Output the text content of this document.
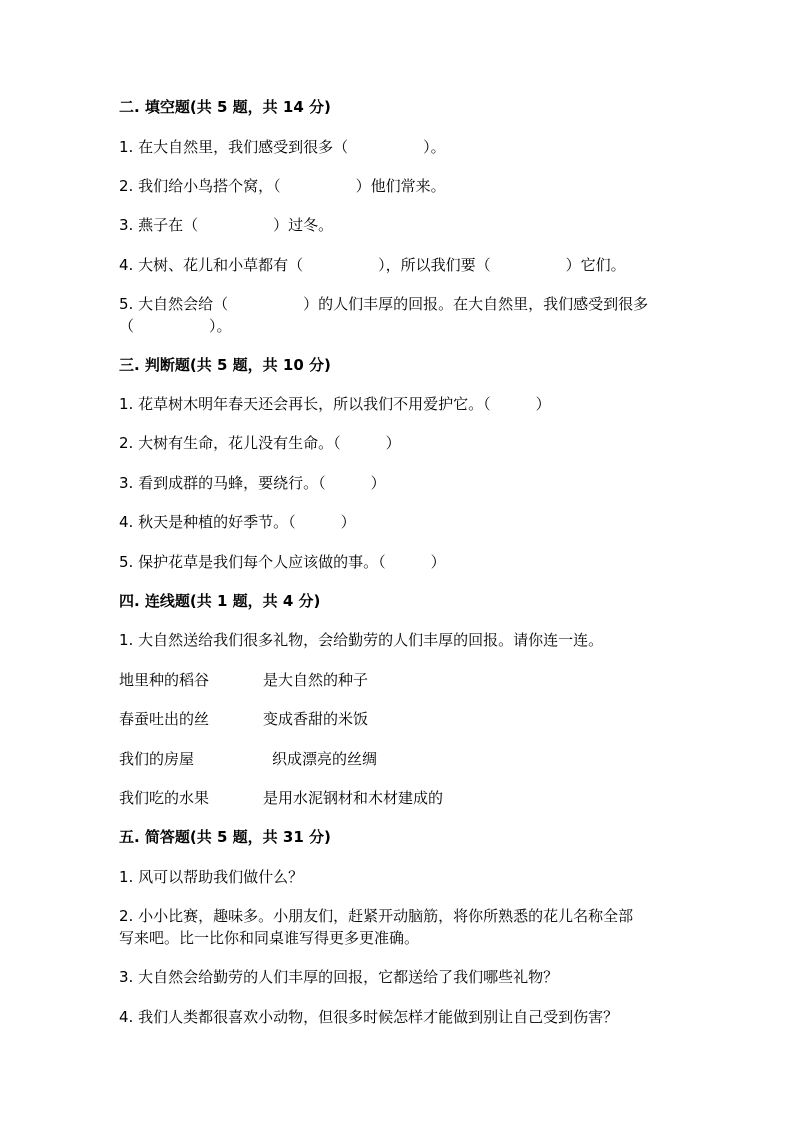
二. 填空题(共 5 题，共 14 分)

1. 在大自然里，我们感受到很多（　　　　　）。

2. 我们给小鸟搭个窝，（　　　　　）他们常来。

3. 燕子在（　　　　　）过冬。

4. 大树、花儿和小草都有（　　　　　），所以我们要（　　　　　）它们。

5. 大自然会给（　　　　　）的人们丰厚的回报。在大自然里，我们感受到很多

（　　　　　）。

三. 判断题(共 5 题，共 10 分)

1. 花草树木明年春天还会再长，所以我们不用爱护它。（　　　）

2. 大树有生命，花儿没有生命。（　　　）

3. 看到成群的马蜂，要绕行。（　　　）

4. 秋天是种植的好季节。（　　　）

5. 保护花草是我们每个人应该做的事。（　　　）

四. 连线题(共 1 题，共 4 分)

1. 大自然送给我们很多礼物，会给勤劳的人们丰厚的回报。请你连一连。

地里种的稻谷	是大自然的种子
春蚕吐出的丝	变成香甜的米饭
我们的房屋	织成漂亮的丝绸
我们吃的水果	是用水泥钢材和木材建成的

五. 简答题(共 5 题，共 31 分)

1. 风可以帮助我们做什么？

2. 小小比赛，趣味多。小朋友们，赶紧开动脑筋，将你所熟悉的花儿名称全部

写来吧。比一比你和同桌谁写得更多更准确。

3. 大自然会给勤劳的人们丰厚的回报，它都送给了我们哪些礼物？

4. 我们人类都很喜欢小动物，但很多时候怎样才能做到别让自己受到伤害？
